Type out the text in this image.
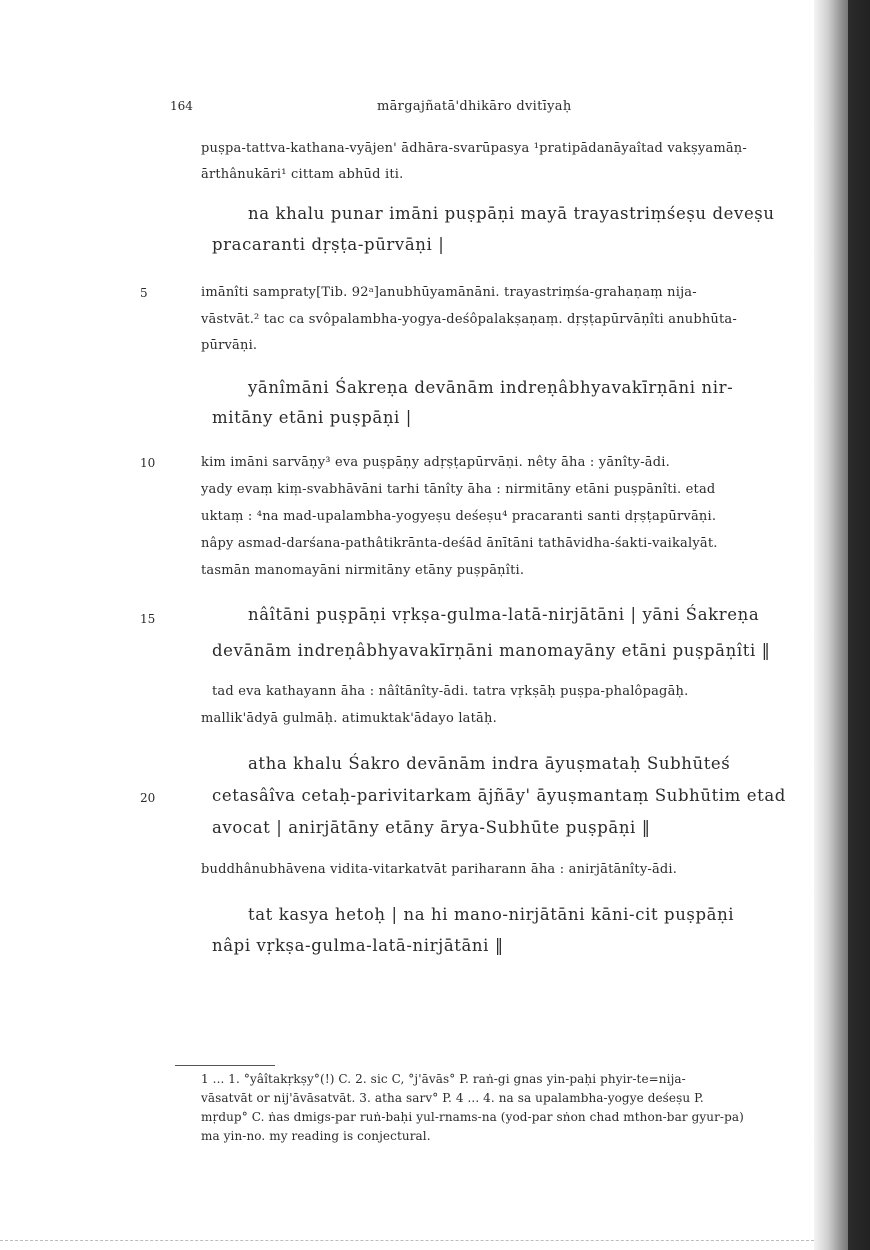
164	mārgajñatā'dhikāro dvitīyaḥ
puṣpa-tattva-kathana-vyājen' ādhāra-svarūpasya ¹pratipādanāyaîtad vakṣyamāṇ-
ārthânukāri¹ cittam abhūd iti.
na khalu punar imāni puṣpāṇi mayā trayastriṃśeṣu deveṣu
pracaranti dṛṣṭa-pūrvāṇi |
5	imānîti sampraty[Tib. 92ᵃ]anubhūyamānāni. trayastriṃśa-grahaṇaṃ nija-
vāstvāt.² tac ca svôpalambha-yogya-deśôpalakṣaṇaṃ. dṛṣṭapūrvāṇîti anubhūta-
pūrvāṇi.
yānîmāni Śakreṇa devānām indreṇâbhyavakīrṇāni nir-
mitāny etāni puṣpāṇi |
10	kim imāni sarvāṇy³ eva puṣpāṇy adṛṣṭapūrvāṇi. nêty āha : yānîty-ādi.
yady evaṃ kiṃ-svabhāvāni tarhi tānîty āha : nirmitāny etāni puṣpānîti. etad
uktaṃ : ⁴na mad-upalambha-yogyeṣu deśeṣu⁴ pracaranti santi dṛṣṭapūrvāṇi.
nâpy asmad-darśana-pathâtikrānta-deśād ānītāni tathāvidha-śakti-vaikalyāt.
tasmān manomayāni nirmitāny etāny puṣpāṇîti.
15	nâîtāni puṣpāṇi vṛkṣa-gulma-latā-nirjātāni | yāni Śakreṇa
devānām indreṇâbhyavakīrṇāni manomayāny etāni puṣpāṇîti ‖
tad eva kathayann āha : nâîtānîty-ādi. tatra vṛkṣāḥ puṣpa-phalôpagāḥ.
mallik'ādyā gulmāḥ. atimuktak'ādayo latāḥ.
atha khalu Śakro devānām indra āyuṣmataḥ Subhūteś
20	cetasâîva cetaḥ-parivitarkam ājñāy' āyuṣmantaṃ Subhūtim etad
avocat | anirjātāny etāny ārya-Subhūte puṣpāṇi ‖
buddhânubhāvena vidita-vitarkatvāt pariharann āha : anirjātānîty-ādi.
tat kasya hetoḥ | na hi mano-nirjātāni kāni-cit puṣpāṇi
nâpi vṛkṣa-gulma-latā-nirjātāni ‖
1 ... 1. °yâîtakṛkṣy°(!) C. 2. sic C, °j'āvās° P. raṅ-gi gnas yin-paḥi phyir-te=nija-
vāsatvāt or nij'āvāsatvāt. 3. atha sarv° P. 4 ... 4. na sa upalambha-yogye deśeṣu P.
mṛdup° C. ṅas dmigs-par ruṅ-baḥi yul-rnams-na (yod-par sṅon chad mthon-bar gyur-pa)
ma yin-no. my reading is conjectural.
